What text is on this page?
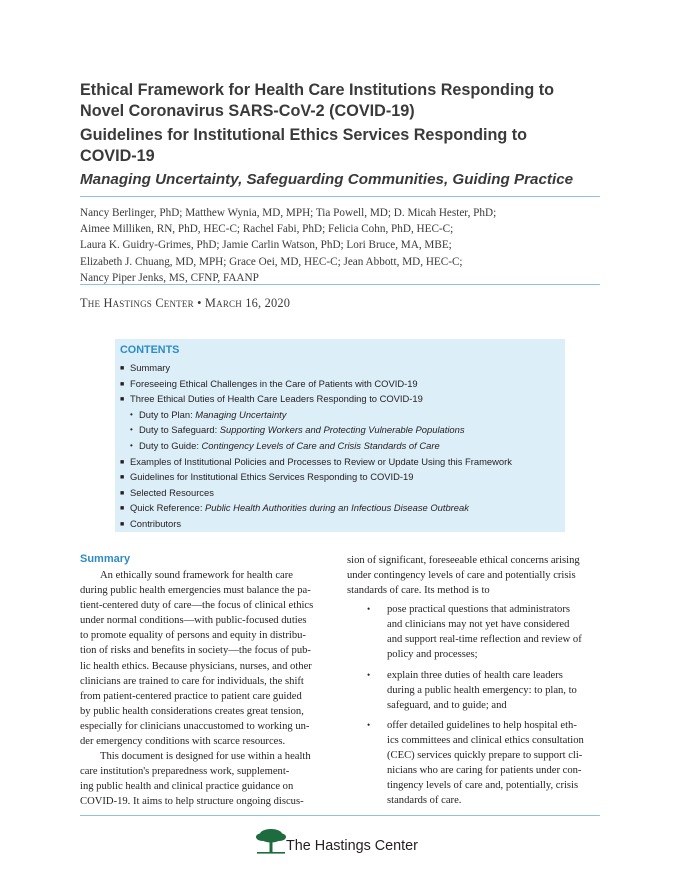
Ethical Framework for Health Care Institutions Responding to
Novel Coronavirus SARS-CoV-2 (COVID-19)
Guidelines for Institutional Ethics Services Responding to
COVID-19
Managing Uncertainty, Safeguarding Communities, Guiding Practice
Nancy Berlinger, PhD; Matthew Wynia, MD, MPH; Tia Powell, MD; D. Micah Hester, PhD;
Aimee Milliken, RN, PhD, HEC-C; Rachel Fabi, PhD; Felicia Cohn, PhD, HEC-C;
Laura K. Guidry-Grimes, PhD; Jamie Carlin Watson, PhD; Lori Bruce, MA, MBE;
Elizabeth J. Chuang, MD, MPH; Grace Oei, MD, HEC-C; Jean Abbott, MD, HEC-C;
Nancy Piper Jenks, MS, CFNP, FAANP
The Hastings Center • March 16, 2020
CONTENTS
■ Summary
■ Foreseeing Ethical Challenges in the Care of Patients with COVID-19
■ Three Ethical Duties of Health Care Leaders Responding to COVID-19
• Duty to Plan: Managing Uncertainty
• Duty to Safeguard: Supporting Workers and Protecting Vulnerable Populations
• Duty to Guide: Contingency Levels of Care and Crisis Standards of Care
■ Examples of Institutional Policies and Processes to Review or Update Using this Framework
■ Guidelines for Institutional Ethics Services Responding to COVID-19
■ Selected Resources
■ Quick Reference: Public Health Authorities during an Infectious Disease Outbreak
■ Contributors
Summary

An ethically sound framework for health care
during public health emergencies must balance the pa-
tient-centered duty of care—the focus of clinical ethics
under normal conditions—with public-focused duties
to promote equality of persons and equity in distribu-
tion of risks and benefits in society—the focus of pub-
lic health ethics. Because physicians, nurses, and other
clinicians are trained to care for individuals, the shift
from patient-centered practice to patient care guided
by public health considerations creates great tension,
especially for clinicians unaccustomed to working un-
der emergency conditions with scarce resources.

This document is designed for use within a health
care institution's preparedness work, supplement-
ing public health and clinical practice guidance on
COVID-19. It aims to help structure ongoing discus-

sion of significant, foreseeable ethical concerns arising
under contingency levels of care and potentially crisis
standards of care. Its method is to

• pose practical questions that administrators
and clinicians may not yet have considered
and support real-time reflection and review of
policy and processes;
• explain three duties of health care leaders
during a public health emergency: to plan, to
safeguard, and to guide; and
• offer detailed guidelines to help hospital eth-
ics committees and clinical ethics consultation
(CEC) services quickly prepare to support cli-
nicians who are caring for patients under con-
tingency levels of care and, potentially, crisis
standards of care.
The Hastings Center
